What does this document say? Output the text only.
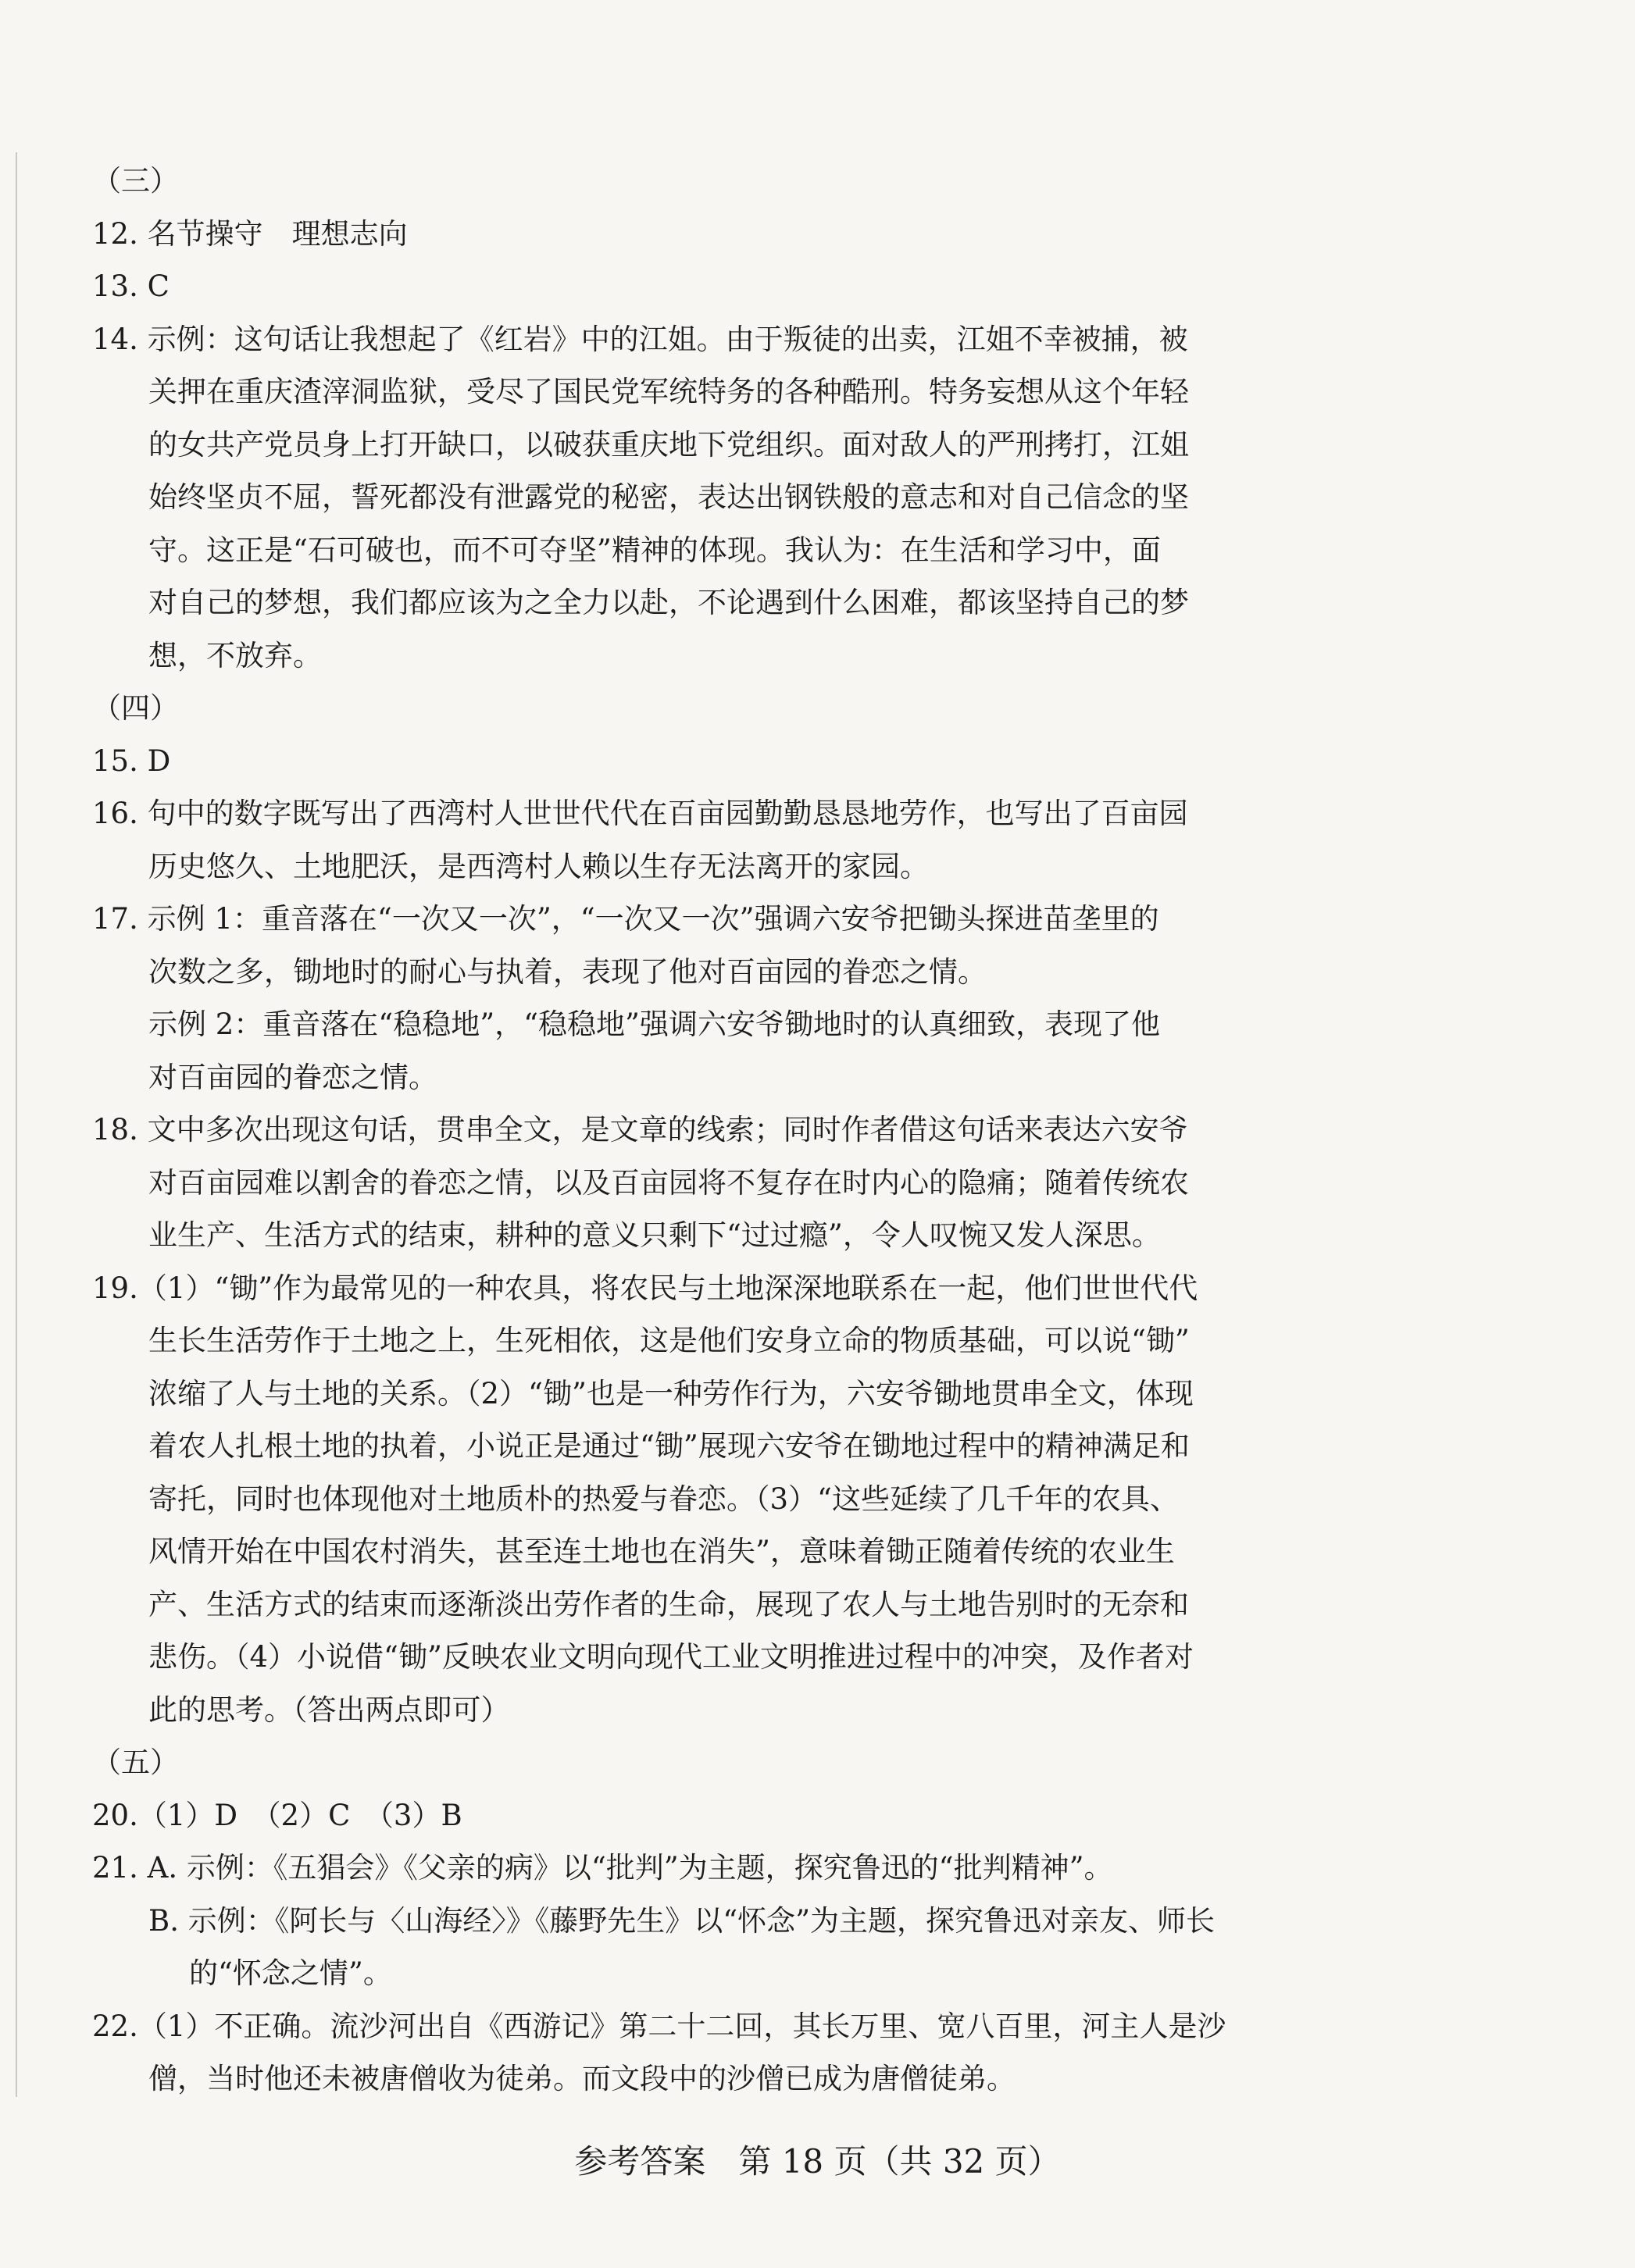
（三）
12. 名节操守　理想志向
13. C
14. 示例：这句话让我想起了《红岩》中的江姐。由于叛徒的出卖，江姐不幸被捕，被
关押在重庆渣滓洞监狱，受尽了国民党军统特务的各种酷刑。特务妄想从这个年轻
的女共产党员身上打开缺口，以破获重庆地下党组织。面对敌人的严刑拷打，江姐
始终坚贞不屈，誓死都没有泄露党的秘密，表达出钢铁般的意志和对自己信念的坚
守。这正是“石可破也，而不可夺坚”精神的体现。我认为：在生活和学习中，面
对自己的梦想，我们都应该为之全力以赴，不论遇到什么困难，都该坚持自己的梦
想，不放弃。
（四）
15. D
16. 句中的数字既写出了西湾村人世世代代在百亩园勤勤恳恳地劳作，也写出了百亩园
历史悠久、土地肥沃，是西湾村人赖以生存无法离开的家园。
17. 示例 1：重音落在“一次又一次”，“一次又一次”强调六安爷把锄头探进苗垄里的
次数之多，锄地时的耐心与执着，表现了他对百亩园的眷恋之情。
示例 2：重音落在“稳稳地”，“稳稳地”强调六安爷锄地时的认真细致，表现了他
对百亩园的眷恋之情。
18. 文中多次出现这句话，贯串全文，是文章的线索；同时作者借这句话来表达六安爷
对百亩园难以割舍的眷恋之情，以及百亩园将不复存在时内心的隐痛；随着传统农
业生产、生活方式的结束，耕种的意义只剩下“过过瘾”，令人叹惋又发人深思。
19.（1）“锄”作为最常见的一种农具，将农民与土地深深地联系在一起，他们世世代代
生长生活劳作于土地之上，生死相依，这是他们安身立命的物质基础，可以说“锄”
浓缩了人与土地的关系。（2）“锄”也是一种劳作行为，六安爷锄地贯串全文，体现
着农人扎根土地的执着，小说正是通过“锄”展现六安爷在锄地过程中的精神满足和
寄托，同时也体现他对土地质朴的热爱与眷恋。（3）“这些延续了几千年的农具、
风情开始在中国农村消失，甚至连土地也在消失”，意味着锄正随着传统的农业生
产、生活方式的结束而逐渐淡出劳作者的生命，展现了农人与土地告别时的无奈和
悲伤。（4）小说借“锄”反映农业文明向现代工业文明推进过程中的冲突，及作者对
此的思考。（答出两点即可）
（五）
20.（1）D　（2）C　（3）B
21. A. 示例：《五猖会》《父亲的病》以“批判”为主题，探究鲁迅的“批判精神”。
B. 示例：《阿长与〈山海经〉》《藤野先生》以“怀念”为主题，探究鲁迅对亲友、师长
的“怀念之情”。
22.（1）不正确。流沙河出自《西游记》第二十二回，其长万里、宽八百里，河主人是沙
僧，当时他还未被唐僧收为徒弟。而文段中的沙僧已成为唐僧徒弟。
参考答案　第 18 页（共 32 页）
